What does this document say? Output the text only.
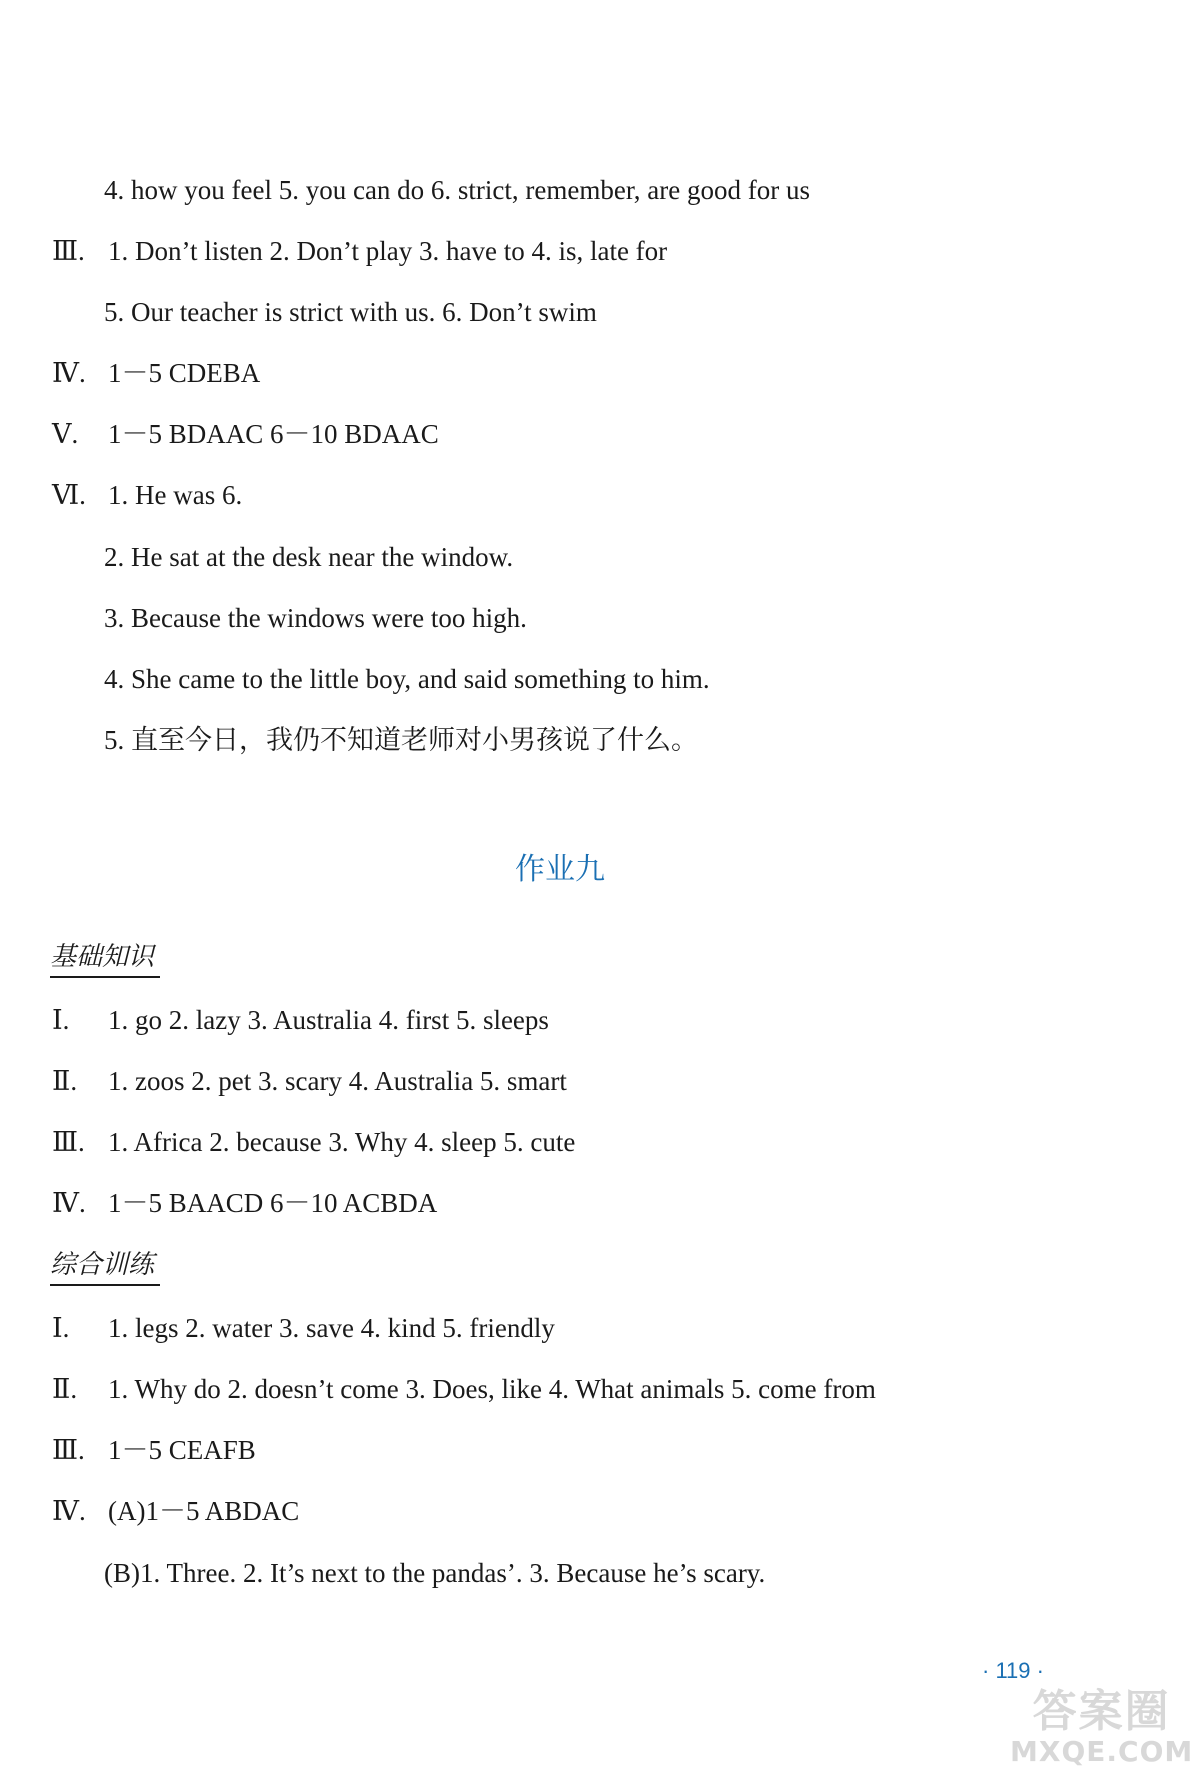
4. how you feel 5. you can do 6. strict, remember, are good for us
Ⅲ. 1. Don’t listen 2. Don’t play 3. have to 4. is, late for
5. Our teacher is strict with us. 6. Don’t swim
Ⅳ. 1－5 CDEBA
Ⅴ. 1－5 BDAAC 6－10 BDAAC
Ⅵ. 1. He was 6.
2. He sat at the desk near the window.
3. Because the windows were too high.
4. She came to the little boy, and said something to him.
5. 直至今日，我仍不知道老师对小男孩说了什么。
作业九
基础知识
Ⅰ. 1. go 2. lazy 3. Australia 4. first 5. sleeps
Ⅱ. 1. zoos 2. pet 3. scary 4. Australia 5. smart
Ⅲ. 1. Africa 2. because 3. Why 4. sleep 5. cute
Ⅳ. 1－5 BAACD 6－10 ACBDA
综合训练
Ⅰ. 1. legs 2. water 3. save 4. kind 5. friendly
Ⅱ. 1. Why do 2. doesn’t come 3. Does, like 4. What animals 5. come from
Ⅲ. 1－5 CEAFB
Ⅳ. (A)1－5 ABDAC
(B)1. Three. 2. It’s next to the pandas’. 3. Because he’s scary.
· 119 ·
答案圈
MXQE.COM
